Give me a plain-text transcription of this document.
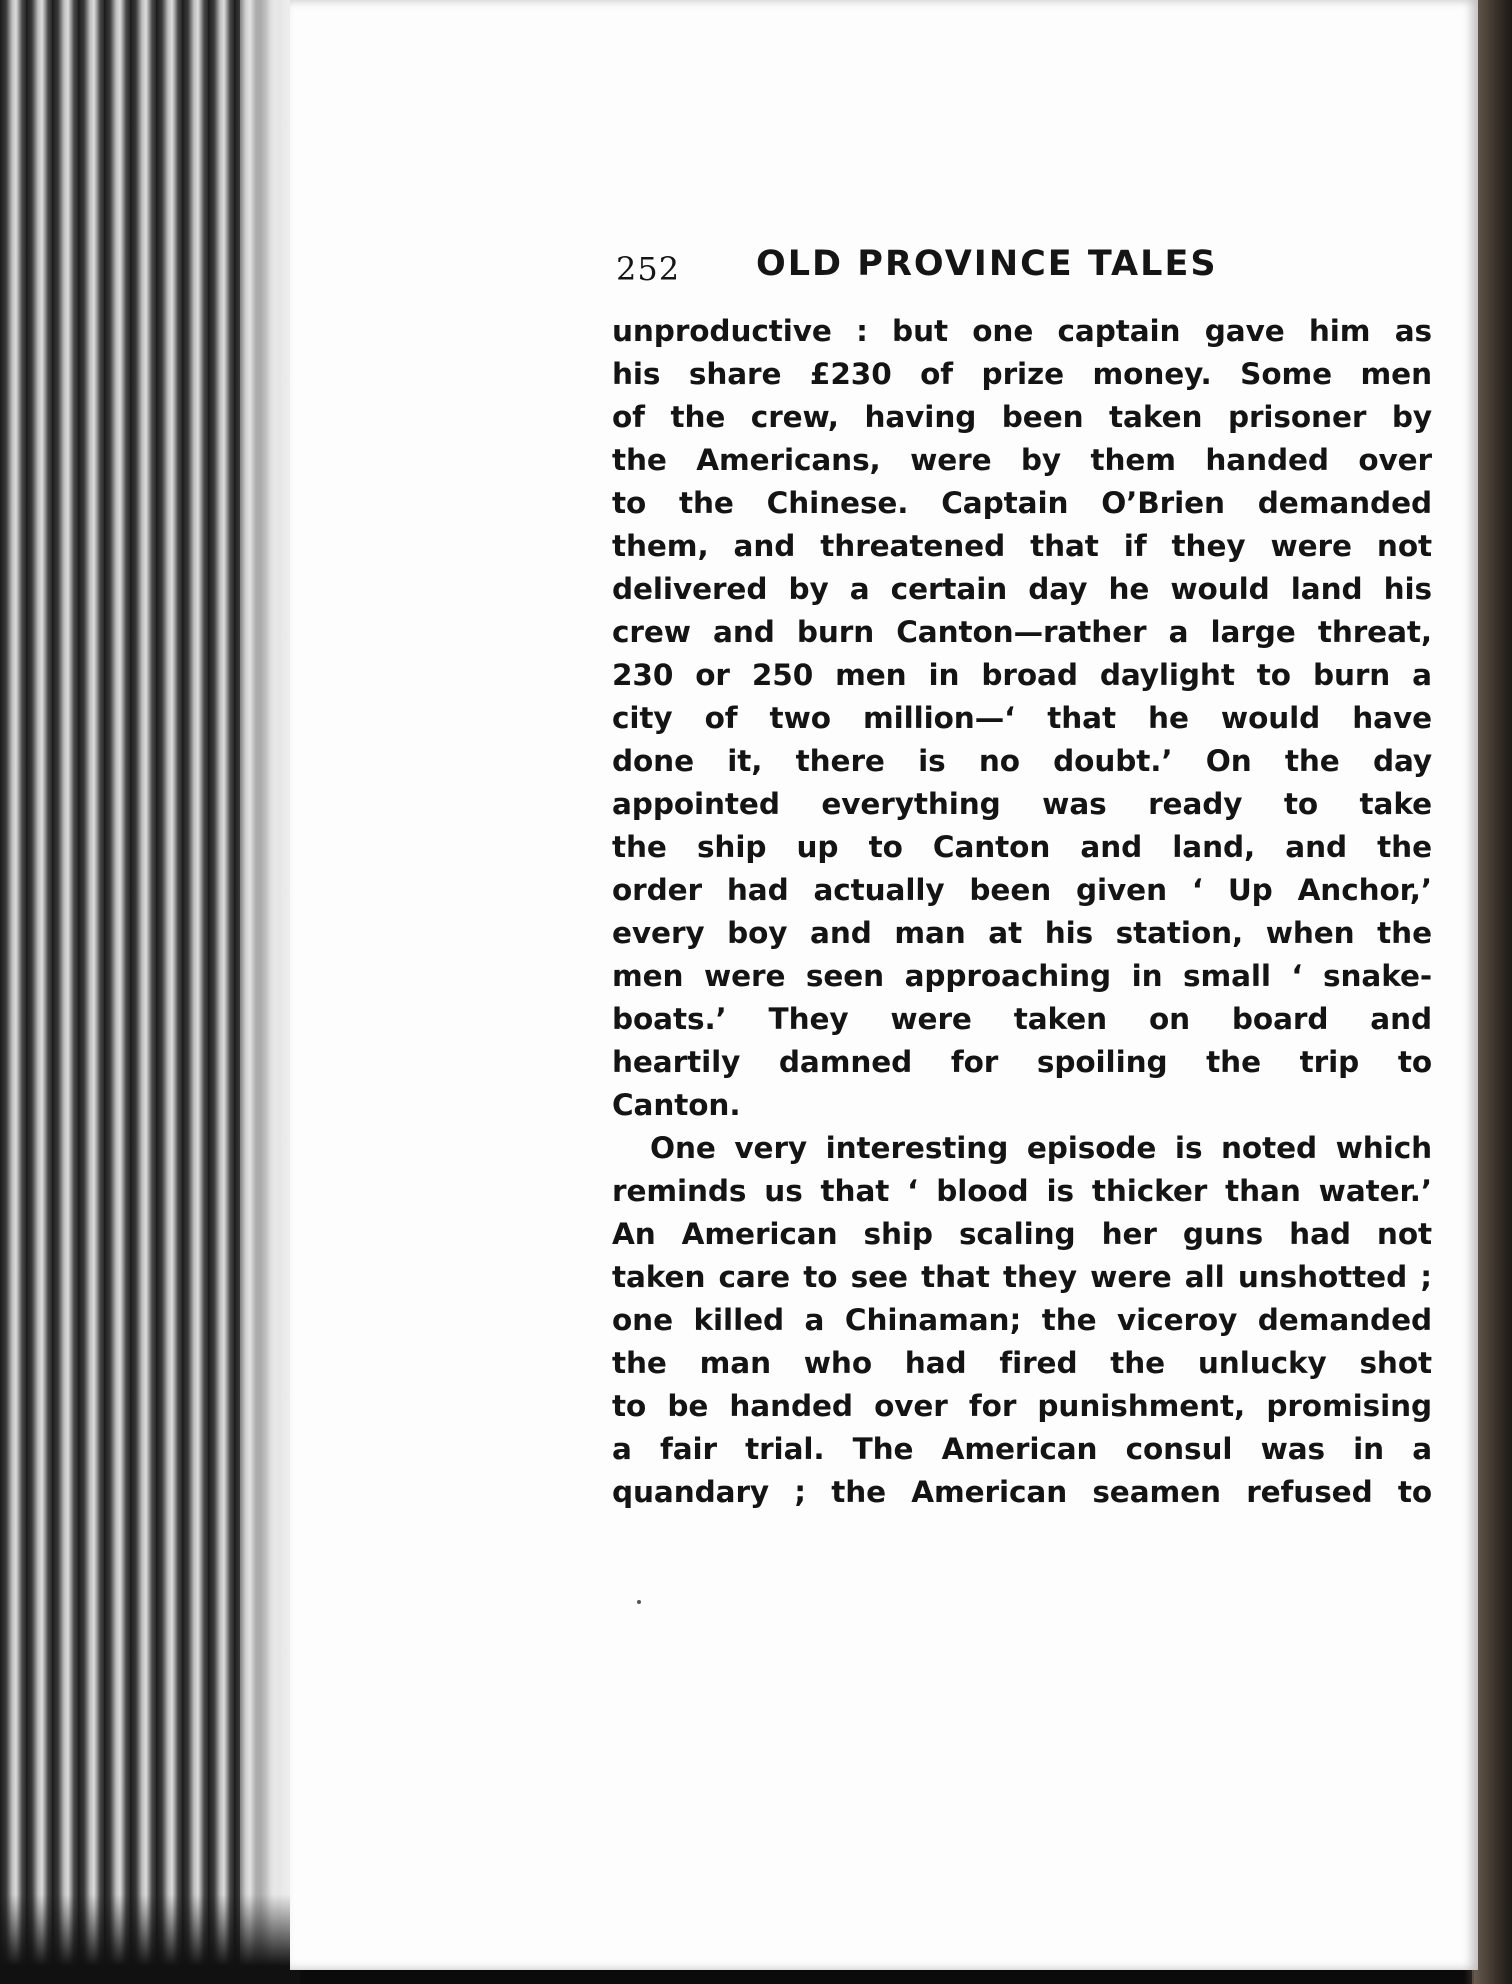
252 OLD PROVINCE TALES
unproductive : but one captain gave him as
his share £230 of prize money. Some men
of the crew, having been taken prisoner by
the Americans, were by them handed over
to the Chinese. Captain O’Brien demanded
them, and threatened that if they were not
delivered by a certain day he would land his
crew and burn Canton—rather a large threat,
230 or 250 men in broad daylight to burn a
city of two million—‘ that he would have
done it, there is no doubt.’ On the day
appointed everything was ready to take
the ship up to Canton and land, and the
order had actually been given ‘ Up Anchor,’
every boy and man at his station, when the
men were seen approaching in small ‘ snake-
boats.’ They were taken on board and
heartily damned for spoiling the trip to
Canton.
One very interesting episode is noted which
reminds us that ‘ blood is thicker than water.’
An American ship scaling her guns had not
taken care to see that they were all unshotted ;
one killed a Chinaman; the viceroy demanded
the man who had fired the unlucky shot
to be handed over for punishment, promising
a fair trial. The American consul was in a
quandary ; the American seamen refused to
